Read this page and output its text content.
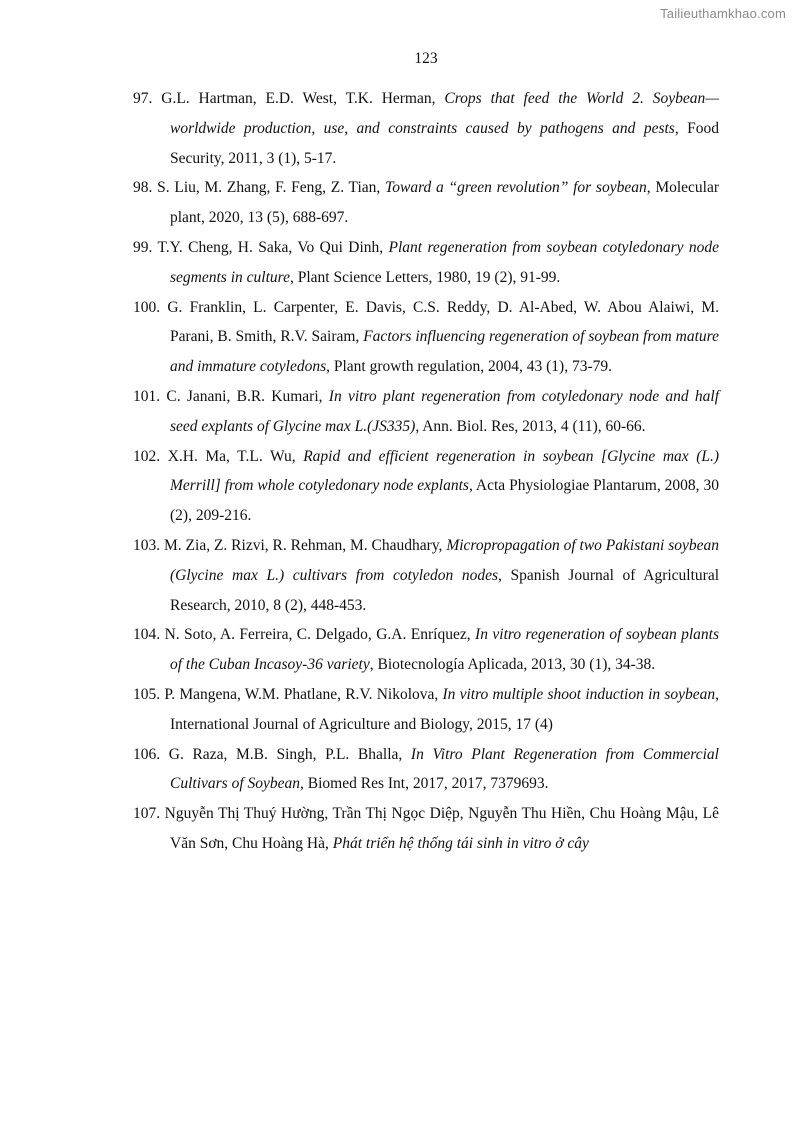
Tailieuthamkhao.com
123
97. G.L. Hartman, E.D. West, T.K. Herman, Crops that feed the World 2. Soybean—worldwide production, use, and constraints caused by pathogens and pests, Food Security, 2011, 3 (1), 5-17.
98. S. Liu, M. Zhang, F. Feng, Z. Tian, Toward a “green revolution” for soybean, Molecular plant, 2020, 13 (5), 688-697.
99. T.Y. Cheng, H. Saka, Vo Qui Dinh, Plant regeneration from soybean cotyledonary node segments in culture, Plant Science Letters, 1980, 19 (2), 91-99.
100. G. Franklin, L. Carpenter, E. Davis, C.S. Reddy, D. Al-Abed, W. Abou Alaiwi, M. Parani, B. Smith, R.V. Sairam, Factors influencing regeneration of soybean from mature and immature cotyledons, Plant growth regulation, 2004, 43 (1), 73-79.
101. C. Janani, B.R. Kumari, In vitro plant regeneration from cotyledonary node and half seed explants of Glycine max L.(JS335), Ann. Biol. Res, 2013, 4 (11), 60-66.
102. X.H. Ma, T.L. Wu, Rapid and efficient regeneration in soybean [Glycine max (L.) Merrill] from whole cotyledonary node explants, Acta Physiologiae Plantarum, 2008, 30 (2), 209-216.
103. M. Zia, Z. Rizvi, R. Rehman, M. Chaudhary, Micropropagation of two Pakistani soybean (Glycine max L.) cultivars from cotyledon nodes, Spanish Journal of Agricultural Research, 2010, 8 (2), 448-453.
104. N. Soto, A. Ferreira, C. Delgado, G.A. Enríquez, In vitro regeneration of soybean plants of the Cuban Incasoy-36 variety, Biotecnología Aplicada, 2013, 30 (1), 34-38.
105. P. Mangena, W.M. Phatlane, R.V. Nikolova, In vitro multiple shoot induction in soybean, International Journal of Agriculture and Biology, 2015, 17 (4)
106. G. Raza, M.B. Singh, P.L. Bhalla, In Vitro Plant Regeneration from Commercial Cultivars of Soybean, Biomed Res Int, 2017, 2017, 7379693.
107. Nguyễn Thị Thuý Hường, Trần Thị Ngọc Diệp, Nguyễn Thu Hiền, Chu Hoàng Mậu, Lê Văn Sơn, Chu Hoàng Hà, Phát triển hệ thống tái sinh in vitro ở cây
